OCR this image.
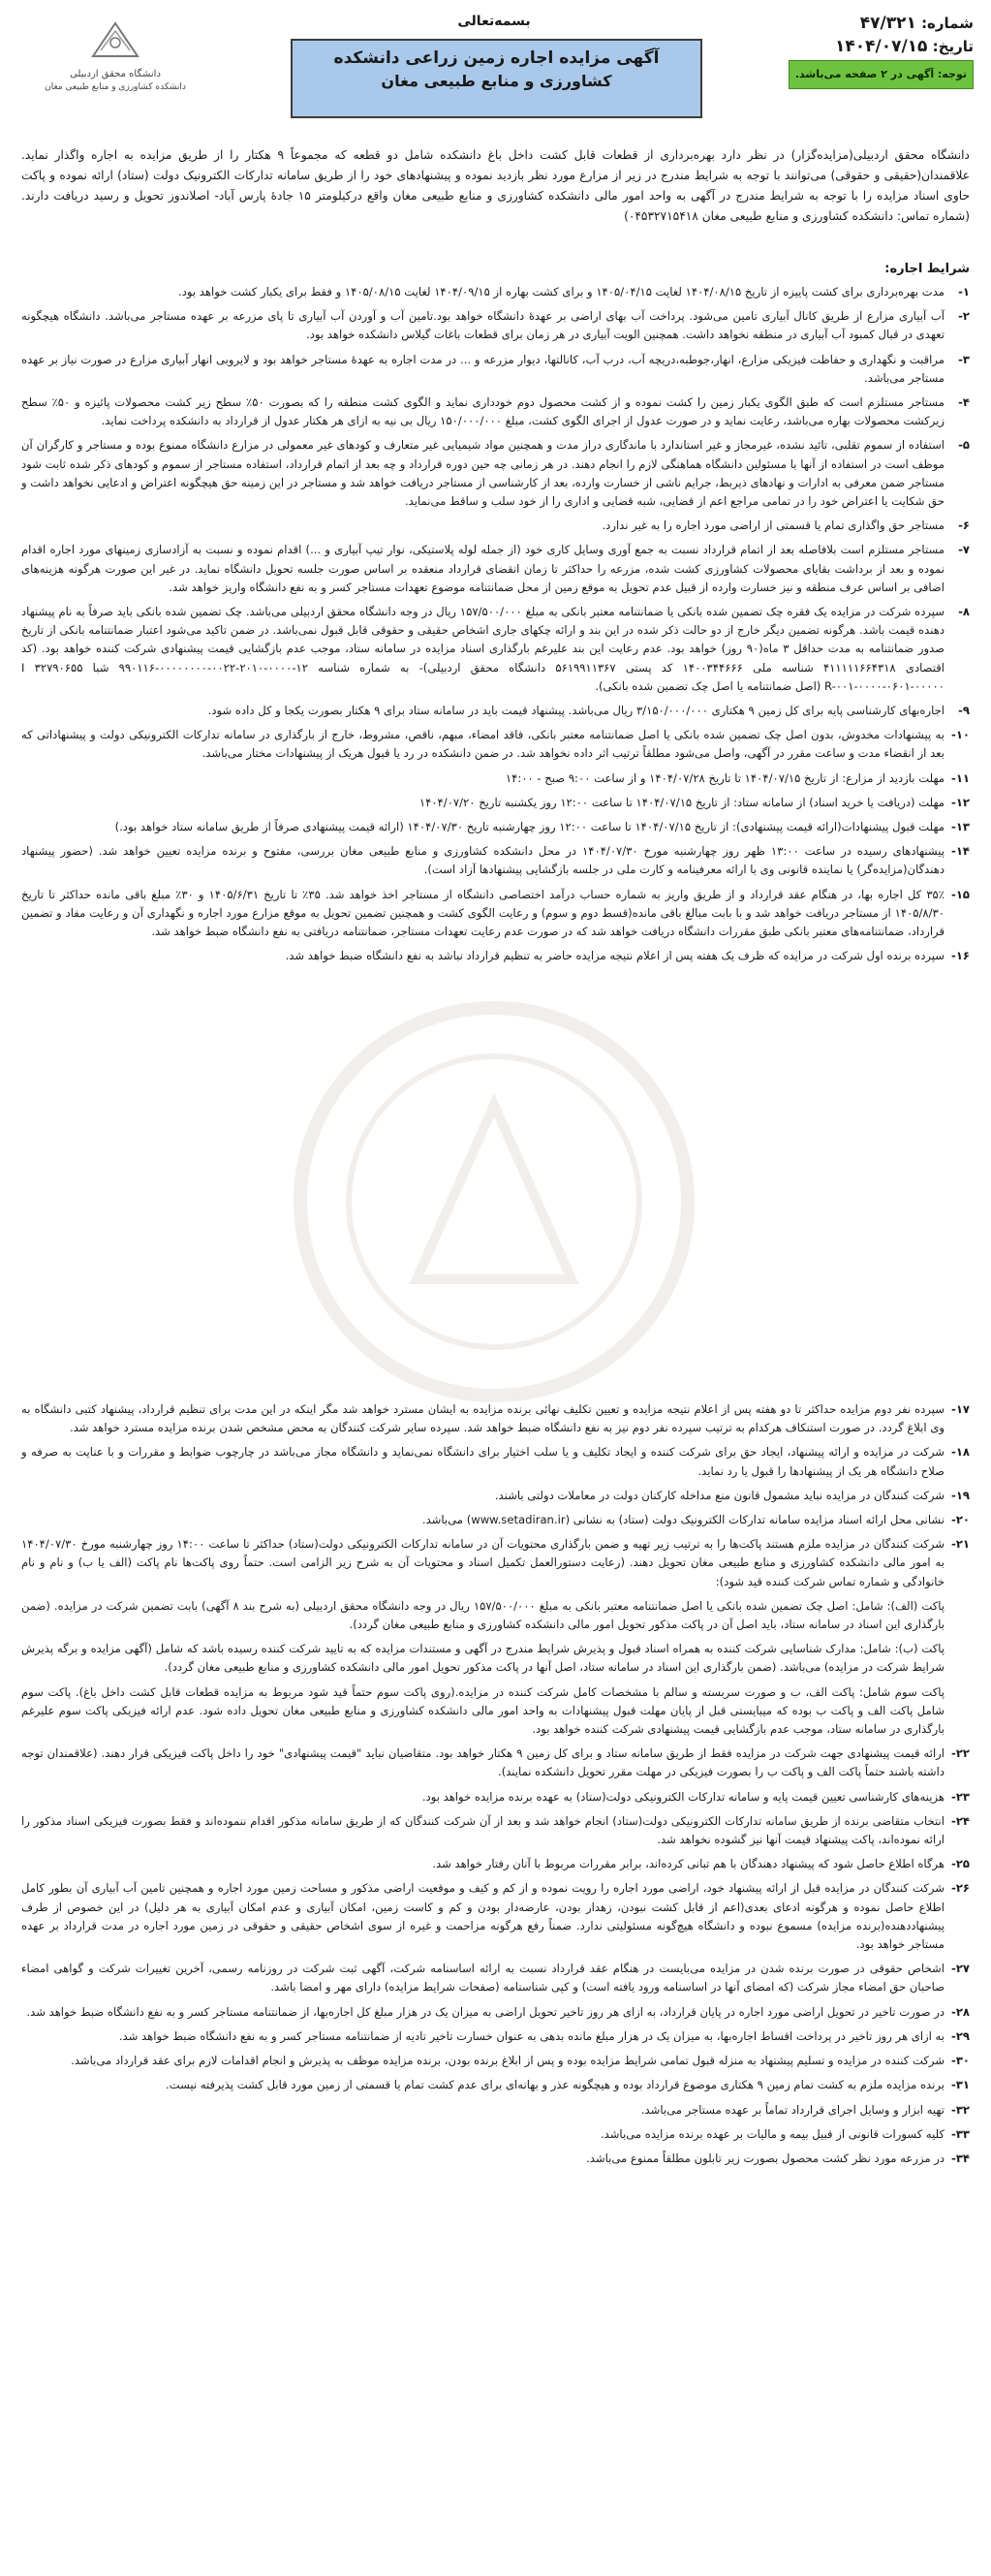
دانشگاه محقق اردبیلی
دانشکده کشاورزی و منابع طبیعی مغان
بسمه‌تعالی
آگهی مزایده اجاره زمین زراعی دانشکده
کشاورزی و منابع طبیعی مغان
شماره: ۴۷/۳۲۱
تاریخ: ۱۴۰۴/۰۷/۱۵
توجه: آگهی در ۲ صفحه می‌باشد.
دانشگاه محقق اردبیلی(مزایده‌گزار) در نظر دارد بهره‌برداری از قطعات قابل کشت داخل باغ دانشکده شامل دو قطعه که مجموعاً ۹ هکتار را از طریق مزایده به اجاره واگذار نماید. علاقمندان(حقیقی و حقوقی) می‌توانند با توجه به شرایط مندرج در زیر از مزارع مورد نظر بازدید نموده و پیشنهادهای خود را از طریق سامانه تدارکات الکترونیک دولت (ستاد) ارائه نموده و پاکت حاوی اسناد مزایده را با توجه به شرایط مندرج در آگهی به واحد امور مالی دانشکده کشاورزی و منابع طبیعی مغان واقع درکیلومتر ۱۵ جادهٔ پارس آباد- اصلاندوز تحویل و رسید دریافت دارند. (شماره تماس: دانشکده کشاورزی و منابع طبیعی مغان ۰۴۵۳۲۷۱۵۴۱۸)
شرایط اجاره:
۱-
مدت بهره‌برداری برای کشت پاییزه از تاریخ ۱۴۰۴/۰۸/۱۵ لغایت ۱۴۰۵/۰۴/۱۵ و برای کشت بهاره از ۱۴۰۴/۰۹/۱۵ لغایت ۱۴۰۵/۰۸/۱۵ و فقط برای یکبار کشت خواهد بود.
۲-
آب آبیاری مزارع از طریق کانال آبیاری تامین می‌شود. پرداخت آب بهای اراضی بر عهدهٔ دانشگاه خواهد بود.تامین آب و آوردن آب آبیاری تا پای مزرعه بر عهده مستاجر می‌باشد. دانشگاه هیچگونه تعهدی در قبال کمبود آب آبیاری در منطقه نخواهد داشت. همچنین الویت آبیاری در هر زمان برای قطعات باغات گیلاس دانشکده خواهد بود.
۳-
مراقبت و نگهداری و حفاظت فیزیکی مزارع، انهار،جوطبه،دریچه آب، درب آب، کانالتها، دیوار مزرعه و ... در مدت اجاره به عهدهٔ مستاجر خواهد بود و لایروبی انهار آبیاری مزارع در صورت نیاز بر عهده مستاجر می‌باشد.
۴-
مستاجر مستلزم است که طبق الگوی یکبار زمین را کشت نموده و از کشت محصول دوم خودداری نماید و الگوی کشت منطقه را که بصورت ۵۰٪ سطح زیر کشت محصولات پائیزه و ۵۰٪ سطح زیرکشت محصولات بهاره می‌باشد، رعایت نماید و در صورت عدول از اجرای الگوی کشت، مبلغ ۱۵۰/۰۰۰/۰۰۰ ریال بی نیه به ازای هر هکتار عدول از قرارداد به دانشکده پرداخت نماید.
۵-
استفاده از سموم تقلبی، تائید نشده، غیرمجاز و غیر استاندارد با ماندگاری دراز مدت و همچنین مواد شیمیایی غیر متعارف و کودهای غیر معمولی در مزارع دانشگاه ممنوع بوده و مستاجر و کارگران آن موظف است در استفاده از آنها با مسئولین دانشگاه هماهنگی لازم را انجام دهند. در هر زمانی چه حین دوره قرارداد و چه بعد از اتمام قرارداد، استفاده مستاجر از سموم و کودهای ذکر شده ثابت شود مستاجر ضمن معرفی به ادارات و نهادهای ذیربط، جرایم ناشی از خسارت وارده، بعد از کارشناسی از مستاجر دریافت خواهد شد و مستاجر در این زمینه حق هیچگونه اعتراض و ادعایی نخواهد داشت و حق شکایت یا اعتراض خود را در تمامی مراجع اعم از قضایی، شبه قضایی و اداری را از خود سلب و ساقط می‌نماید.
۶-
مستاجر حق واگذاری تمام یا قسمتی از اراضی مورد اجاره را به غیر ندارد.
۷-
مستاجر مستلزم است بلافاصله بعد از اتمام قرارداد نسبت به جمع آوری وسایل کاری خود (از جمله لوله پلاستیکی، نوار تیپ آبیاری و ...) اقدام نموده و نسبت به آزادسازی زمینهای مورد اجاره اقدام نموده و بعد از برداشت بقایای محصولات کشاورزی کشت شده، مزرعه را حداکثر تا زمان انقضای قرارداد منعقده بر اساس صورت جلسه تحویل دانشگاه نماید. در غیر این صورت هرگونه هزینه‌های اضافی بر اساس عرف منطقه و نیز خسارت وارده از قبیل عدم تحویل به موقع زمین از محل ضمانتنامه موضوع تعهدات مستاجر کسر و به نفع دانشگاه واریز خواهد شد.
۸-
سپرده شرکت در مزایده یک فقره چک تضمین شده بانکی یا ضمانتنامه معتبر بانکی به مبلغ ۱۵۷/۵۰۰/۰۰۰ ریال در وجه دانشگاه محقق اردبیلی می‌باشد. چک تضمین شده بانکی باید صرفاً به نام پیشنهاد دهنده قیمت باشد. هرگونه تضمین دیگر خارج از دو حالت ذکر شده در این بند و ارائه چکهای جاری اشخاص حقیقی و حقوقی قابل قبول نمی‌باشد. در ضمن تاکید می‌شود اعتبار ضمانتنامه بانکی از تاریخ صدور ضمانتنامه به مدت حداقل ۳ ماه(۹۰ روز) خواهد بود. عدم رعایت این بند علیرغم بارگذاری اسناد مزایده در سامانه ستاد، موجب عدم بازگشایی قیمت پیشنهادی شرکت کننده خواهد بود. (کد اقتصادی ۴۱۱۱۱۱۶۶۴۳۱۸ شناسه ملی ۱۴۰۰۳۴۴۶۶۶ کد پستی ۵۶۱۹۹۱۱۳۶۷ دانشگاه محقق اردبیلی)- به شماره شناسه ۱۲-۰۰۰۰-۲۰۱۰-۰۰۲۲-۰۰۰۰۰۰۰۰-۹۹۰۱۱۶ شبا ۳۲۷۹۰۶۵۵ I R-۰۰۱-۰۰۰۰-۰۶۰۱-۰۰۰۰۰ (اصل ضمانتنامه یا اصل چک تضمین شده بانکی).
۹-
اجاره‌بهای کارشناسی پایه برای کل زمین ۹ هکتاری ۳/۱۵۰/۰۰۰/۰۰۰ ریال می‌باشد. پیشنهاد قیمت باید در سامانه ستاد برای ۹ هکتار بصورت یکجا و کل داده شود.
۱۰-
به پیشنهادات مخدوش، بدون اصل چک تضمین شده بانکی یا اصل ضمانتنامه معتبر بانکی، فاقد امضاء، مبهم، ناقص، مشروط، خارج از بارگذاری در سامانه تدارکات الکترونیکی دولت و پیشنهاداتی که بعد از انقضاء مدت و ساعت مقرر در آگهی، واصل می‌شود مطلقاً ترتیب اثر داده نخواهد شد. در ضمن دانشکده در رد یا قبول هریک از پیشنهادات مختار می‌باشد.
۱۱-
مهلت بازدید از مزارع: از تاریخ ۱۴۰۴/۰۷/۱۵ تا تاریخ ۱۴۰۴/۰۷/۲۸ و از ساعت ۹:۰۰ صبح - ۱۴:۰۰
۱۲-
مهلت (دریافت یا خرید اسناد) از سامانه ستاد: از تاریخ ۱۴۰۴/۰۷/۱۵ تا ساعت ۱۲:۰۰ روز یکشنبه تاریخ ۱۴۰۴/۰۷/۲۰
۱۳-
مهلت قبول پیشنهادات(ارائه قیمت پیشنهادی): از تاریخ ۱۴۰۴/۰۷/۱۵ تا ساعت ۱۲:۰۰ روز چهارشنبه تاریخ ۱۴۰۴/۰۷/۳۰ (ارائه قیمت پیشنهادی صرفاً از طریق سامانه ستاد خواهد بود.)
۱۴-
پیشنهادهای رسیده در ساعت ۱۳:۰۰ ظهر روز چهارشنبه مورخ ۱۴۰۴/۰۷/۳۰ در محل دانشکده کشاورزی و منابع طبیعی مغان بررسی، مفتوح و برنده مزایده تعیین خواهد شد. (حضور پیشنهاد دهندگان(مزایده‌گر) یا نماینده قانونی وی با ارائه معرفینامه و کارت ملی در جلسه بازگشایی پیشنهادها آزاد است).
۱۵-
۳۵٪ کل اجاره بها، در هنگام عقد قرارداد و از طریق واریز به شماره حساب درآمد اختصاصی دانشگاه از مستاجر اخذ خواهد شد. ۳۵٪ تا تاریخ ۱۴۰۵/۶/۳۱ و ۳۰٪ مبلغ باقی مانده حداکثر تا تاریخ ۱۴۰۵/۸/۳۰ از مستاجر دریافت خواهد شد و با بابت مبالغ باقی مانده(قسط دوم و سوم) و رعایت الگوی کشت و همچنین تضمین تحویل به موقع مزارع مورد اجاره و نگهداری آن و رعایت مفاد و تضمین قرارداد، ضمانتنامه‌های معتبر بانکی طبق مقررات دانشگاه دریافت خواهد شد که در صورت عدم رعایت تعهدات مستاجر، ضمانتنامه دریافتی به نفع دانشگاه ضبط خواهد شد.
۱۶-
سپرده برنده اول شرکت در مزایده که ظرف یک هفته پس از اعلام نتیجه مزایده حاضر به تنظیم قرارداد نباشد به نفع دانشگاه ضبط خواهد شد.
۱۷-
سپرده نفر دوم مزایده حداکثر تا دو هفته پس از اعلام نتیجه مزایده و تعیین تکلیف نهائی برنده مزایده به ایشان مسترد خواهد شد مگر اینکه در این مدت برای تنظیم قرارداد، پیشنهاد کتبی دانشگاه به وی ابلاغ گردد. در صورت استنکاف هرکدام به ترتیب سپرده نفر دوم نیز به نفع دانشگاه ضبط خواهد شد. سپرده سایر شرکت کنندگان به محض مشخص شدن برنده مزایده مسترد خواهد شد.
۱۸-
شرکت در مزایده و ارائه پیشنهاد، ایجاد حق برای شرکت کننده و ایجاد تکلیف و یا سلب اختیار برای دانشگاه نمی‌نماید و دانشگاه مجاز می‌باشد در چارچوب ضوابط و مقررات و با عنایت به صرفه و صلاح دانشگاه هر یک از پیشنهادها را قبول یا رد نماید.
۱۹-
شرکت کنندگان در مزایده نباید مشمول قانون منع مداخله کارکنان دولت در معاملات دولتی باشند.
۲۰-
نشانی محل ارائه اسناد مزایده سامانه تدارکات الکترونیک دولت (ستاد) به نشانی (www.setadiran.ir) می‌باشد.
۲۱-
شرکت کنندگان در مزایده ملزم هستند پاکت‌ها را به ترتیب زیر تهیه و ضمن بارگذاری محتویات آن در سامانه تدارکات الکترونیکی دولت(ستاد) حداکثر تا ساعت ۱۴:۰۰ روز چهارشنبه مورخ ۱۴۰۴/۰۷/۳۰ به امور مالی دانشکده کشاورزی و منابع طبیعی مغان تحویل دهند. (رعایت دستورالعمل تکمیل اسناد و محتویات آن به شرح زیر الزامی است. حتماً روی پاکت‌ها نام پاکت (الف یا ب) و نام و نام خانوادگی و شماره تماس شرکت کننده قید شود):
پاکت (الف): شامل: اصل چک تضمین شده بانکی یا اصل ضمانتنامه معتبر بانکی به مبلغ ۱۵۷/۵۰۰/۰۰۰ ریال در وجه دانشگاه محقق اردبیلی (به شرح بند ۸ آگهی) بابت تضمین شرکت در مزایده. (ضمن بارگذاری این اسناد در سامانه ستاد، باید اصل آن در پاکت مذکور تحویل امور مالی دانشکده کشاورزی و منابع طبیعی مغان گردد).
پاکت (ب): شامل: مدارک شناسایی شرکت کننده به همراه اسناد قبول و پذیرش شرایط مندرج در آگهی و مستندات مزایده که به تایید شرکت کننده رسیده باشد که شامل (آگهی مزایده و برگه پذیرش شرایط شرکت در مزایده) می‌باشد. (ضمن بارگذاری این اسناد در سامانه ستاد، اصل آنها در پاکت مذکور تحویل امور مالی دانشکده کشاورزی و منابع طبیعی مغان گردد).
پاکت سوم شامل: پاکت الف، ب و صورت سربسته و سالم با مشخصات کامل شرکت کننده در مزایده.(روی پاکت سوم حتماً قید شود مربوط به مزایده قطعات قابل کشت داخل باغ). پاکت سوم شامل پاکت الف و پاکت ب بوده که میبایستی قبل از پایان مهلت قبول پیشنهادات به واحد امور مالی دانشکده کشاورزی و منابع طبیعی مغان تحویل داده شود. عدم ارائه فیزیکی پاکت سوم علیرغم بارگذاری در سامانه ستاد، موجب عدم بازگشایی قیمت پیشنهادی شرکت کننده خواهد بود.
۲۲-
ارائه قیمت پیشنهادی جهت شرکت در مزایده فقط از طریق سامانه ستاد و برای کل زمین ۹ هکتار خواهد بود. متقاضیان نباید "قیمت پیشنهادی" خود را داخل پاکت فیزیکی قرار دهند. (علاقمندان توجه داشته باشند حتماً پاکت الف و پاکت ب را بصورت فیزیکی در مهلت مقرر تحویل دانشکده نمایند).
۲۳-
هزینه‌های کارشناسی تعیین قیمت پایه و سامانه تدارکات الکترونیکی دولت(ستاد) به عهده برنده مزایده خواهد بود.
۲۴-
انتخاب متقاضی برنده از طریق سامانه تدارکات الکترونیکی دولت(ستاد) انجام خواهد شد و بعد از آن شرکت کنندگان که از طریق سامانه مذکور اقدام ننموده‌اند و فقط بصورت فیزیکی اسناد مذکور را ارائه نموده‌اند، پاکت پیشنهاد قیمت آنها نیز گشوده نخواهد شد.
۲۵-
هرگاه اطلاع حاصل شود که پیشنهاد دهندگان با هم تبانی کرده‌اند، برابر مقررات مربوط با آنان رفتار خواهد شد.
۲۶-
شرکت کنندگان در مزایده قبل از ارائه پیشنهاد خود، اراضی مورد اجاره را رویت نموده و از کم و کیف و موقعیت اراضی مذکور و مساحت زمین مورد اجاره و همچنین تامین آب آبیاری آن بطور کامل اطلاع حاصل نموده و هرگونه ادعای بعدی(اعم از قابل کشت نبودن، زهدار بودن، عارضه‌دار بودن و کم و کاست زمین، امکان آبیاری و عدم امکان آبیاری به هر دلیل) در این خصوص از طرف پیشنهاددهنده(برنده مزایده) مسموع نبوده و دانشگاه هیچ‌گونه مسئولیتی ندارد. ضمناً رفع هرگونه مزاحمت و غیره از سوی اشخاص حقیقی و حقوقی در زمین مورد اجاره در مدت قرارداد بر عهده مستاجر خواهد بود.
۲۷-
اشخاص حقوقی در صورت برنده شدن در مزایده می‌بایست در هنگام عقد قرارداد نسبت به ارائه اساسنامه شرکت، آگهی ثبت شرکت در روزنامه رسمی، آخرین تغییرات شرکت و گواهی امضاء صاحبان حق امضاء مجاز شرکت (که امضای آنها در اساسنامه ورود یافته است) و کپی شناسنامه (صفحات شرایط مزایده) دارای مهر و امضا باشد.
۲۸-
در صورت تاخیر در تحویل اراضی مورد اجاره در پایان قرارداد، به ازای هر روز تاخیر تحویل اراضی به میزان یک در هزار مبلغ کل اجاره‌بها، از ضمانتنامه مستاجر کسر و به نفع دانشگاه ضبط خواهد شد.
۲۹-
به ازای هر روز تاخیر در پرداخت اقساط اجاره‌بها، به میزان یک در هزار مبلغ مانده بدهی به عنوان خسارت تاخیر تادیه از ضمانتنامه مستاجر کسر و به نفع دانشگاه ضبط خواهد شد.
۳۰-
شرکت کننده در مزایده و تسلیم پیشنهاد به منزله قبول تمامی شرایط مزایده بوده و پس از ابلاغ برنده بودن، برنده مزایده موظف به پذیرش و انجام اقدامات لازم برای عقد قرارداد می‌باشد.
۳۱-
برنده مزایده ملزم به کشت تمام زمین ۹ هکتاری موضوع قرارداد بوده و هیچگونه عذر و بهانه‌ای برای عدم کشت تمام یا قسمتی از زمین مورد قابل کشت پذیرفته نیست.
۳۲-
تهیه ابزار و وسایل اجرای قرارداد تماماً بر عهده مستاجر می‌باشد.
۳۳-
کلیه کسورات قانونی از قبیل بیمه و مالیات بر عهده برنده مزایده می‌باشد.
۳۴-
در مزرعه مورد نظر کشت محصول بصورت زیر تابلون مطلقاً ممنوع می‌باشد.
